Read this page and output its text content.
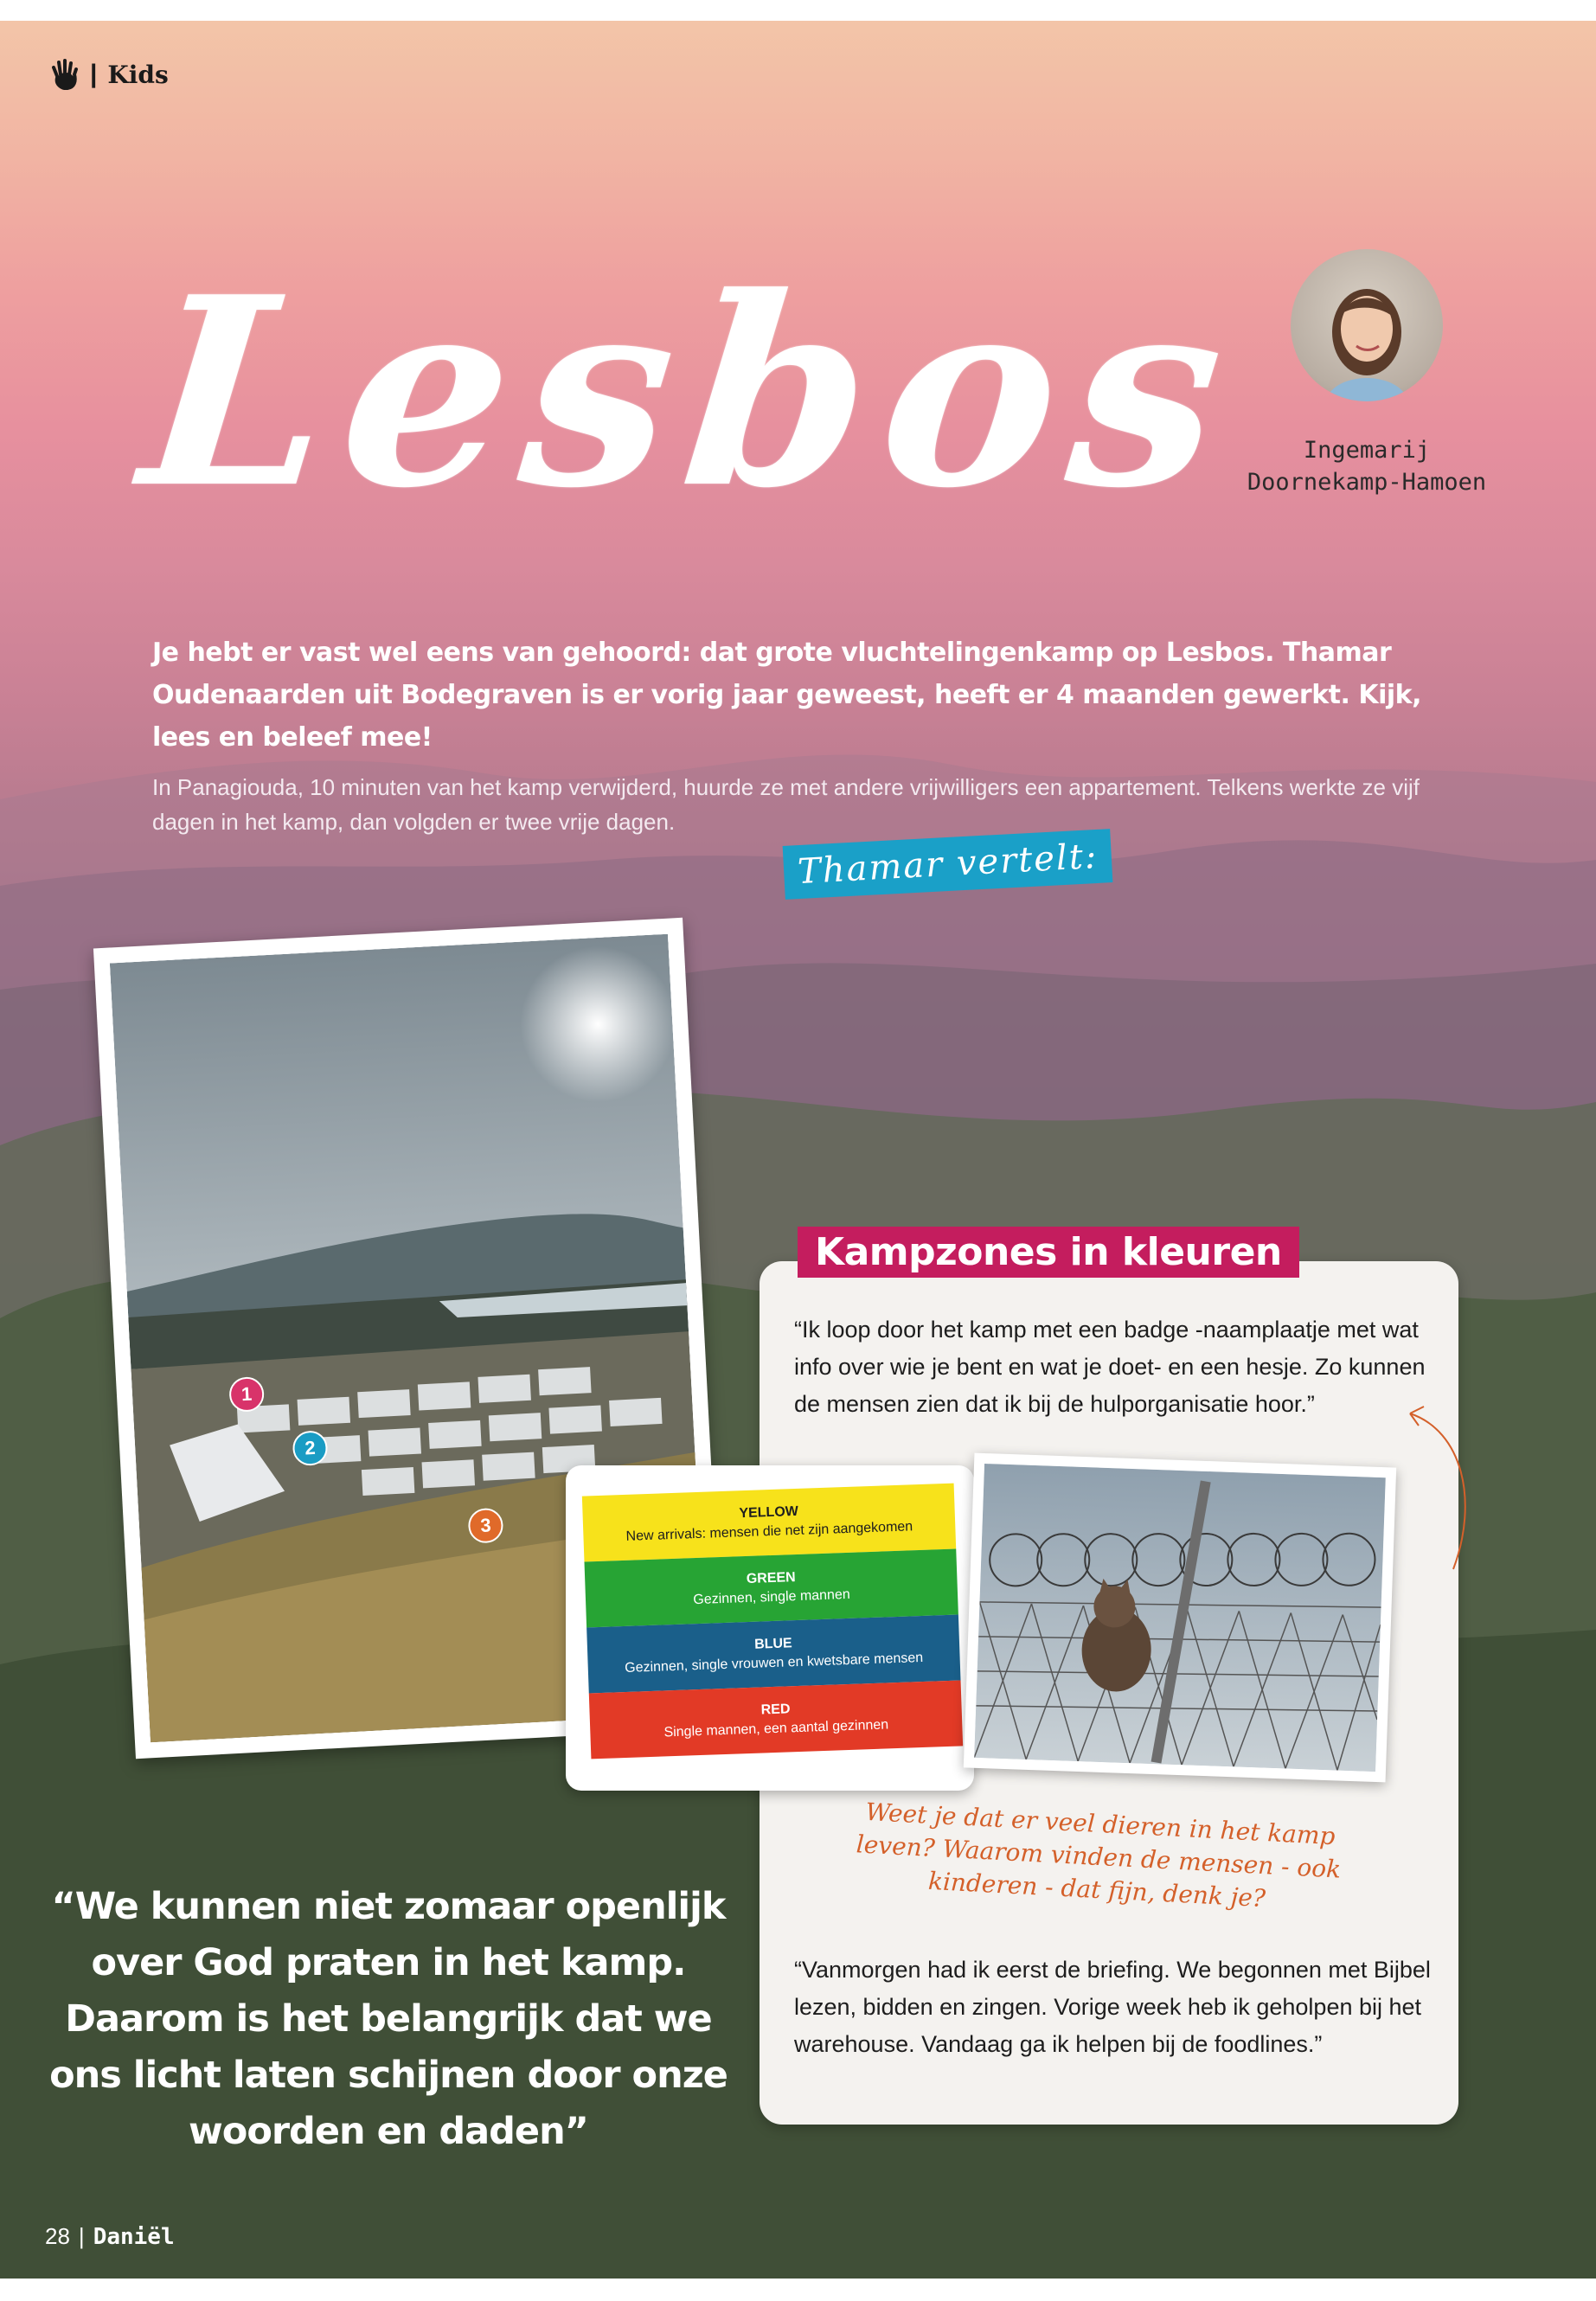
| Kids
Lesbos	Ingemarij
Doornekamp-Hamoen

Je hebt er vast wel eens van gehoord: dat grote vluchtelingenkamp op Lesbos. Thamar Oudenaarden uit Bodegraven is er vorig jaar geweest, heeft er 4 maanden gewerkt. Kijk, lees en beleef mee!

In Panagiouda, 10 minuten van het kamp verwijderd, huurde ze met andere vrijwilligers een appartement. Telkens werkte ze vijf dagen in het kamp, dan volgden er twee vrije dagen.

Thamar vertelt:
1
2
3
Kampzones in kleuren

“Ik loop door het kamp met een badge -naamplaatje met wat info over wie je bent en wat je doet- en een hesje. Zo kunnen de mensen zien dat ik bij de hulporganisatie hoor.”

YELLOW
New arrivals: mensen die net zijn aangekomen
GREEN
Gezinnen, single mannen
BLUE
Gezinnen, single vrouwen en kwetsbare mensen
RED
Single mannen, een aantal gezinnen
Weet je dat er veel dieren in het kamp leven? Waarom vinden de mensen - ook kinderen - dat fijn, denk je?

“Vanmorgen had ik eerst de briefing. We begonnen met Bijbel lezen, bidden en zingen. Vorige week heb ik geholpen bij het warehouse. Vandaag ga ik helpen bij de foodlines.”

“We kunnen niet zomaar openlijk over God praten in het kamp. Daarom is het belangrijk dat we ons licht laten schijnen door onze woorden en daden”
28 | Daniël
